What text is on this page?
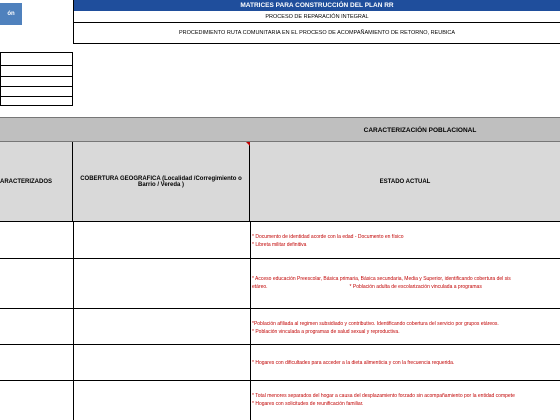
ón
MATRICES PARA CONSTRUCCIÓN DEL PLAN RR
PROCESO DE REPARACIÓN INTEGRAL
PROCEDIMIENTO RUTA COMUNITARIA EN EL PROCESO DE ACOMPAÑAMIENTO DE RETORNO, REUBICA
CARACTERIZACIÓN POBLACIONAL
ARACTERIZADOS	COBERTURA GEOGRAFICA (Localidad /Corregimiento o Barrio / Vereda )	ESTADO ACTUAL
* Documento de identidad acorde con la edad - Documento en físico
* Libreta militar definitiva
* Acceso educación Preescolar, Básica primaria, Básica secundaria, Media y Superior, identificando cobertura del sis
etáreo.                                                           * Población adulta de escolarización vinculada a programas
*Población afiliada al regimen subsidiado y contributivo. Identificando cobertura del servicio por grupos etáreos.
* Población vinculada a programas de salud sexual y reproductiva.
* Hogares con dificultades para acceder a la dieta alimenticia y con la frecuencia requerida.
* Total menores separados del hogar a causa del desplazamiento forzado sin acompañamiento por la entidad compete
* Hogares con solicitudes de reunificación familiar.
